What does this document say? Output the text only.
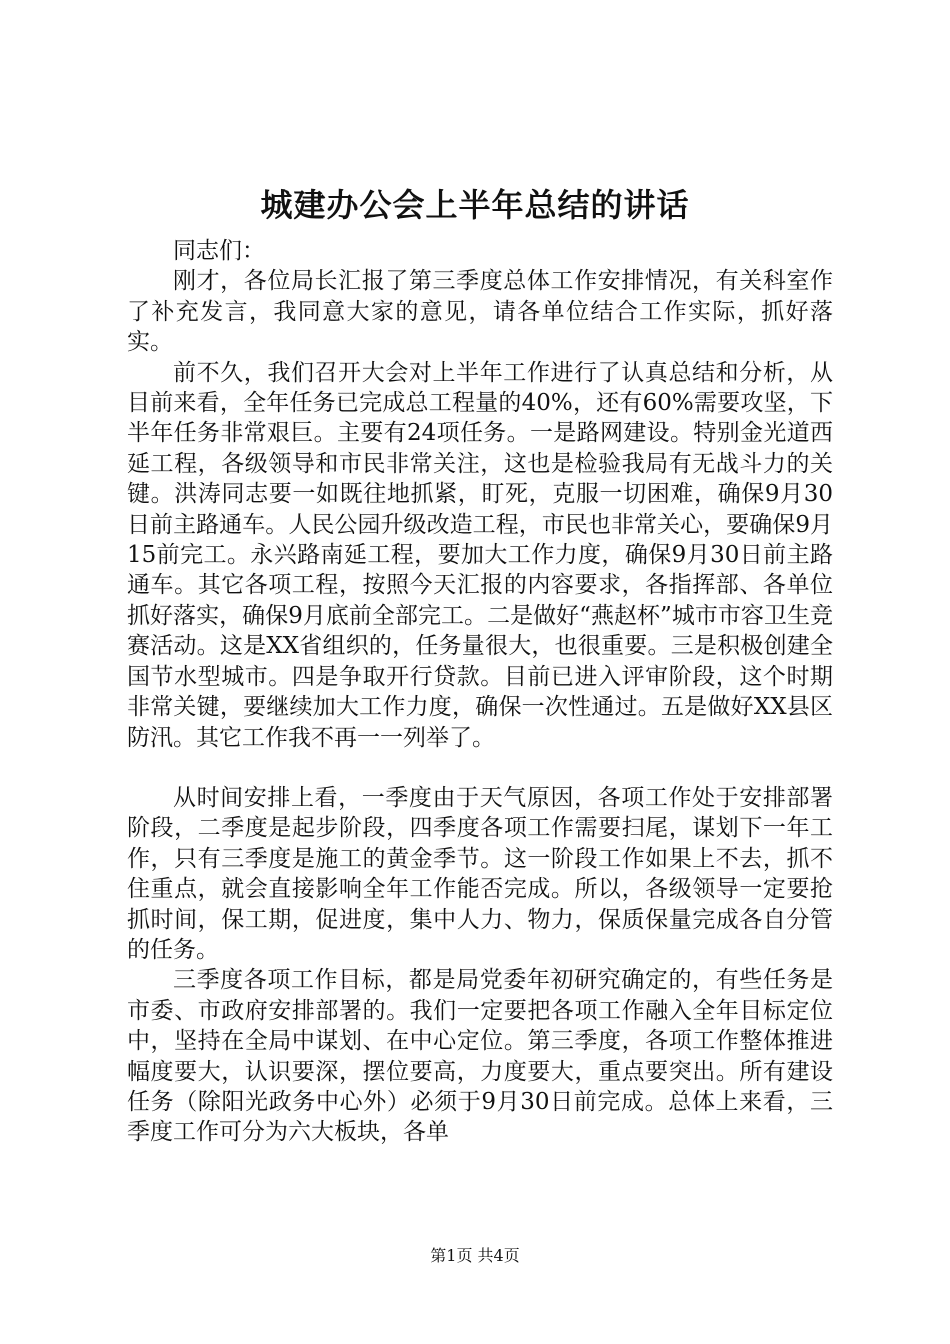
城建办公会上半年总结的讲话

同志们：

刚才，各位局长汇报了第三季度总体工作安排情况，有关科室作了补充发言，我同意大家的意见，请各单位结合工作实际，抓好落实。

前不久，我们召开大会对上半年工作进行了认真总结和分析，从目前来看，全年任务已完成总工程量的40%，还有60%需要攻坚，下半年任务非常艰巨。主要有24项任务。一是路网建设。特别金光道西延工程，各级领导和市民非常关注，这也是检验我局有无战斗力的关键。洪涛同志要一如既往地抓紧，盯死，克服一切困难，确保9月30日前主路通车。人民公园升级改造工程，市民也非常关心，要确保9月15前完工。永兴路南延工程，要加大工作力度，确保9月30日前主路通车。其它各项工程，按照今天汇报的内容要求，各指挥部、各单位抓好落实，确保9月底前全部完工。二是做好“燕赵杯”城市市容卫生竞赛活动。这是XX省组织的，任务量很大，也很重要。三是积极创建全国节水型城市。四是争取开行贷款。目前已进入评审阶段，这个时期非常关键，要继续加大工作力度，确保一次性通过。五是做好XX县区防汛。其它工作我不再一一列举了。

从时间安排上看，一季度由于天气原因，各项工作处于安排部署阶段，二季度是起步阶段，四季度各项工作需要扫尾，谋划下一年工作，只有三季度是施工的黄金季节。这一阶段工作如果上不去，抓不住重点，就会直接影响全年工作能否完成。所以，各级领导一定要抢抓时间，保工期，促进度，集中人力、物力，保质保量完成各自分管的任务。

三季度各项工作目标，都是局党委年初研究确定的，有些任务是市委、市政府安排部署的。我们一定要把各项工作融入全年目标定位中，坚持在全局中谋划、在中心定位。第三季度，各项工作整体推进幅度要大，认识要深，摆位要高，力度要大，重点要突出。所有建设任务（除阳光政务中心外）必须于9月30日前完成。总体上来看，三季度工作可分为六大板块，各单

第1页 共4页
